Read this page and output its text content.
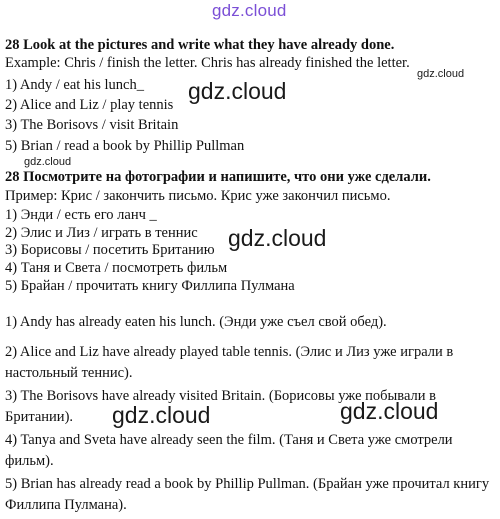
gdz.cloud
28 Look at the pictures and write what they have already done.
Example: Chris / finish the letter. Chris has already finished the letter.
gdz.cloud
1) Andy / eat his lunch_ gdz.cloud
2) Alice and Liz / play tennis
3) The Borisovs / visit Britain
5) Brian / read a book by Phillip Pullman
gdz.cloud
28 Посмотрите на фотографии и напишите, что они уже сделали.
Пример: Крис / закончить письмо. Крис уже закончил письмо.
1) Энди / есть его ланч _
2) Элис и Лиз / играть в теннис gdz.cloud
3) Борисовы / посетить Британию
4) Таня и Света / посмотреть фильм
5) Брайан / прочитать книгу Филлипа Пулмана
1) Andy has already eaten his lunch. (Энди уже съел свой обед).
2) Alice and Liz have already played table tennis. (Элис и Лиз уже играли в настольный теннис).
3) The Borisovs have already visited Britain. (Борисовы уже побывали в Британии).	gdz.cloud	gdz.cloud
4) Tanya and Sveta have already seen the film. (Таня и Света уже смотрели фильм).
5) Brian has already read a book by Phillip Pullman. (Брайан уже прочитал книгу Филлипа Пулмана).
